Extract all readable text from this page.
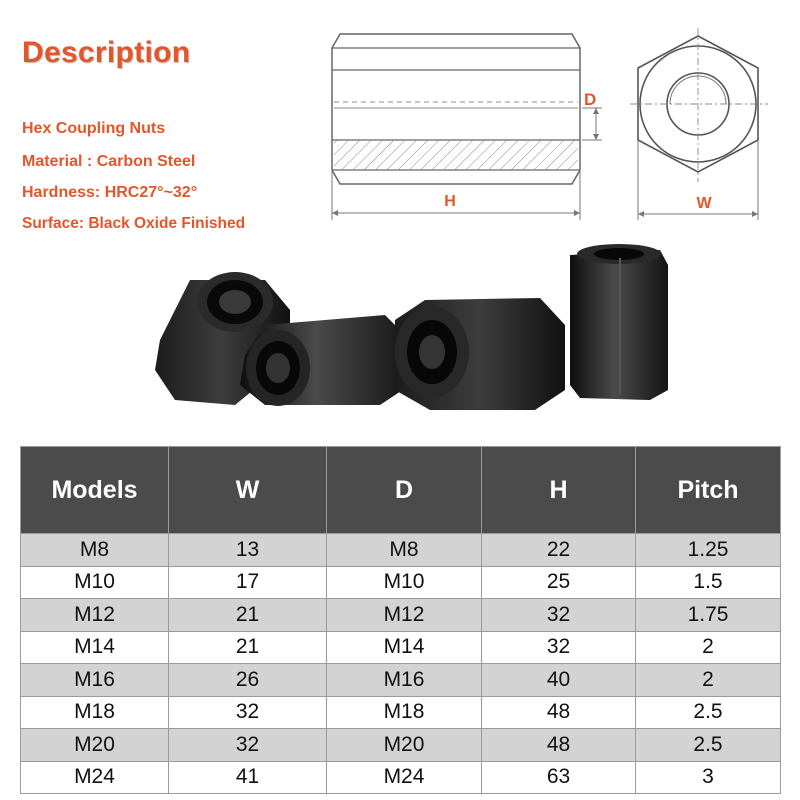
Description
Hex Coupling Nuts
Material : Carbon Steel
Hardness: HRC27°~32°
Surface: Black Oxide Finished
H
D
W
Models	W	D	H	Pitch
M8	13	M8	22	1.25
M10	17	M10	25	1.5
M12	21	M12	32	1.75
M14	21	M14	32	2
M16	26	M16	40	2
M18	32	M18	48	2.5
M20	32	M20	48	2.5
M24	41	M24	63	3
